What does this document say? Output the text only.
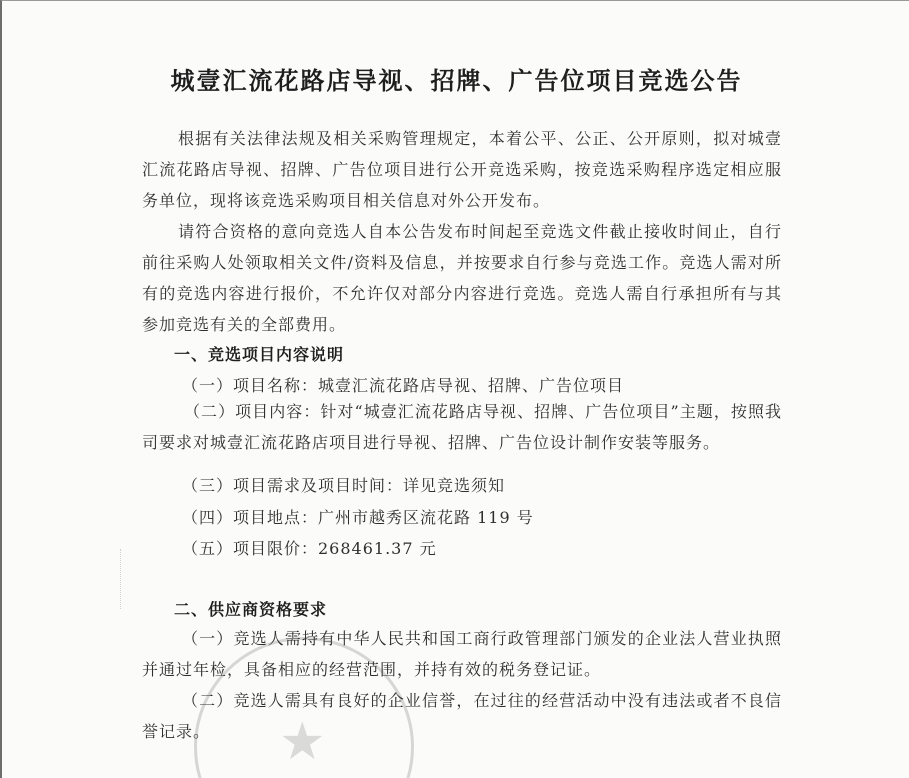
★
城壹汇流花路店导视、招牌、广告位项目竞选公告
根据有关法律法规及相关采购管理规定，本着公平、公正、公开原则，拟对城壹汇流花路店导视、招牌、广告位项目进行公开竞选采购，按竞选采购程序选定相应服务单位，现将该竞选采购项目相关信息对外公开发布。
请符合资格的意向竞选人自本公告发布时间起至竞选文件截止接收时间止，自行前往采购人处领取相关文件/资料及信息，并按要求自行参与竞选工作。竞选人需对所有的竞选内容进行报价，不允许仅对部分内容进行竞选。竞选人需自行承担所有与其参加竞选有关的全部费用。
一、竞选项目内容说明
（一）项目名称：城壹汇流花路店导视、招牌、广告位项目
（二）项目内容：针对“城壹汇流花路店导视、招牌、广告位项目”主题，按照我司要求对城壹汇流花路店项目进行导视、招牌、广告位设计制作安装等服务。
（三）项目需求及项目时间：详见竞选须知
（四）项目地点：广州市越秀区流花路 119 号
（五）项目限价：268461.37 元
二、供应商资格要求
（一）竞选人需持有中华人民共和国工商行政管理部门颁发的企业法人营业执照并通过年检，具备相应的经营范围，并持有效的税务登记证。
（二）竞选人需具有良好的企业信誉，在过往的经营活动中没有违法或者不良信誉记录。
